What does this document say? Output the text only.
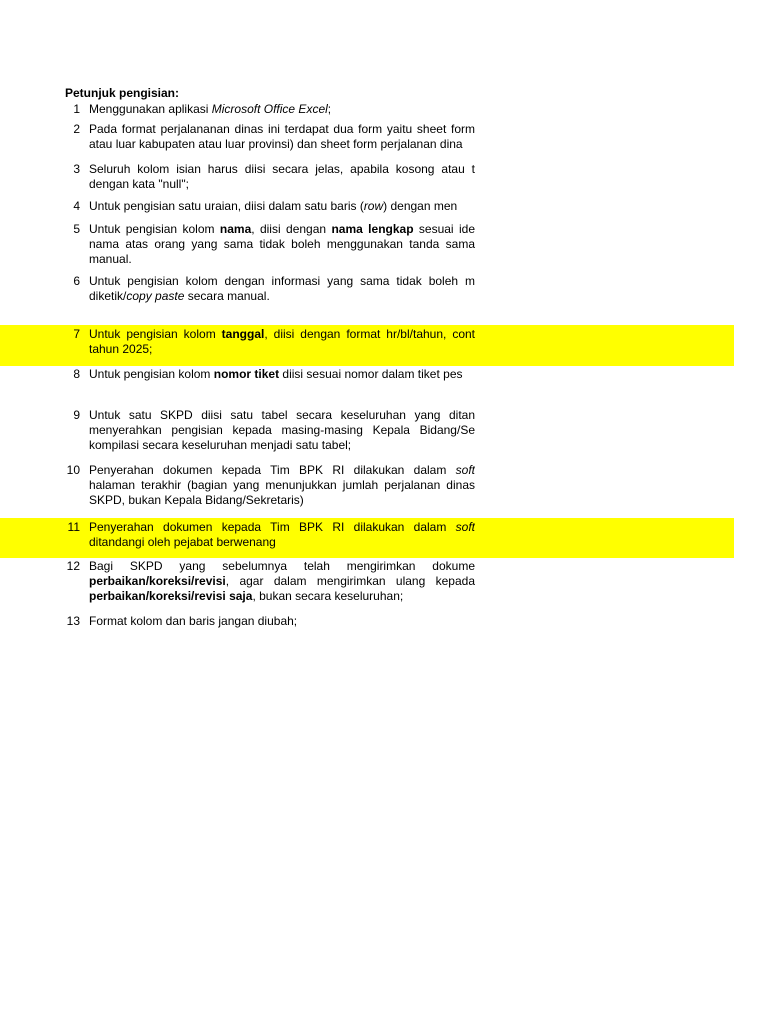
Petunjuk pengisian:
1 Menggunakan aplikasi Microsoft Office Excel;
2 Pada format perjalananan dinas ini terdapat dua form yaitu sheet form
atau luar kabupaten atau luar provinsi) dan sheet form perjalanan dina
3 Seluruh kolom isian harus diisi secara jelas, apabila kosong atau t
dengan kata "null";
4 Untuk pengisian satu uraian, diisi dalam satu baris (row) dengan men
5 Untuk pengisian kolom nama, diisi dengan nama lengkap sesuai ide
nama atas orang yang sama tidak boleh menggunakan tanda sama
manual.
6 Untuk pengisian kolom dengan informasi yang sama tidak boleh m
diketik/copy paste secara manual.
7 Untuk pengisian kolom tanggal, diisi dengan format hr/bl/tahun, cont
tahun 2025;
8 Untuk pengisian kolom nomor tiket diisi sesuai nomor dalam tiket pes
9 Untuk satu SKPD diisi satu tabel secara keseluruhan yang ditan
menyerahkan pengisian kepada masing-masing Kepala Bidang/Se
kompilasi secara keseluruhan menjadi satu tabel;
10 Penyerahan dokumen kepada Tim BPK RI dilakukan dalam soft
halaman terakhir (bagian yang menunjukkan jumlah perjalanan dinas
SKPD, bukan Kepala Bidang/Sekretaris)
11 Penyerahan dokumen kepada Tim BPK RI dilakukan dalam soft
ditandangi oleh pejabat berwenang
12 Bagi SKPD yang sebelumnya telah mengirimkan dokume
perbaikan/koreksi/revisi, agar dalam mengirimkan ulang kepada
perbaikan/koreksi/revisi saja, bukan secara keseluruhan;
13 Format kolom dan baris jangan diubah;
